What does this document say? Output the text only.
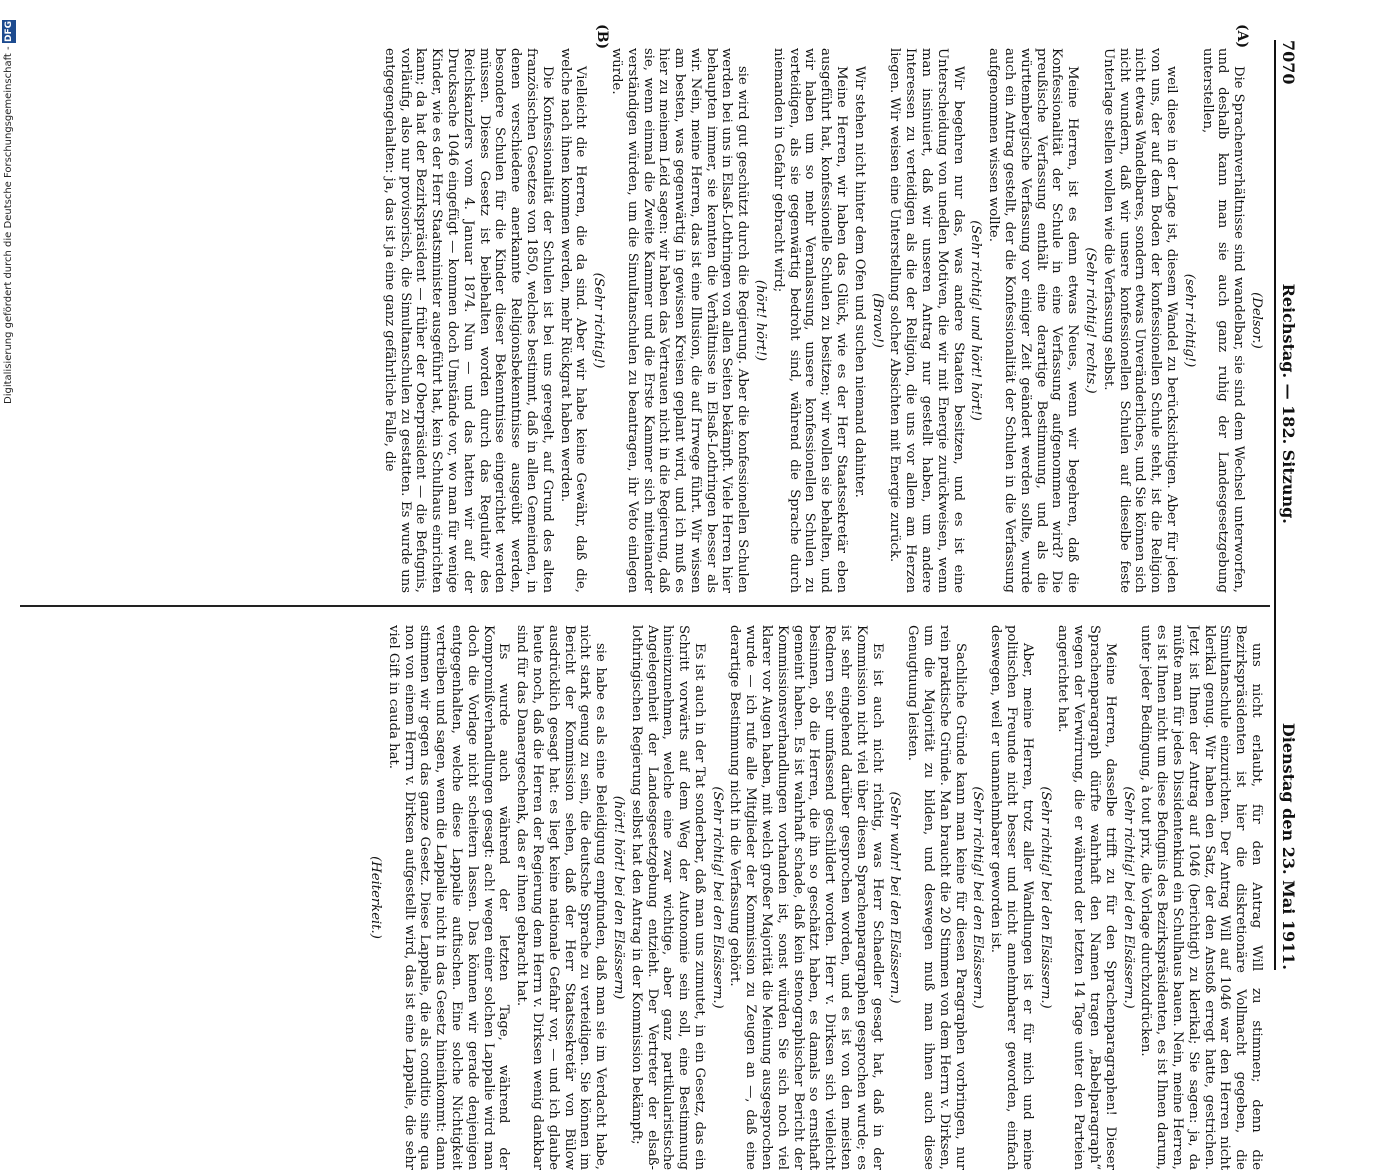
7070
Reichstag. — 182. Sitzung.
Dienstag den 23. Mai 1911.

(Delsor.)

Die Sprachenverhältnisse sind wandelbar, sie sind dem Wechsel unterworfen, und deshalb kann man sie auch ganz ruhig der Landesgesetzgebung unterstellen,

(sehr richtig!)

weil diese in der Lage ist, diesem Wandel zu berücksichtigen. Aber für jeden von uns, der auf dem Boden der konfessionellen Schule steht, ist die Religion nicht etwas Wandelbares, sondern etwas Unveränderliches, und Sie können sich nicht wundern, daß wir unsere konfessionellen Schulen auf dieselbe feste Unterlage stellen wollen wie die Verfassung selbst.

(Sehr richtig! rechts.)

Meine Herren, ist es denn etwas Neues, wenn wir begehren, daß die Konfessionalität der Schule in eine Verfassung aufgenommen wird? Die preußische Verfassung enthält eine derartige Bestimmung, und als die württembergische Verfassung vor einiger Zeit geändert werden sollte, wurde auch ein Antrag gestellt, der die Konfessionalität der Schulen in die Verfassung aufgenommen wissen wollte.

(Sehr richtig! und hört! hört!)

Wir begehren nur das, was andere Staaten besitzen, und es ist eine Unterscheidung von unedlen Motiven, die wir mit Energie zurückweisen, wenn man insinuiert, daß wir unseren Antrag nur gestellt haben, um andere Interessen zu verteidigen als die der Religion, die uns vor allem am Herzen liegen. Wir weisen eine Unterstellung solcher Absichten mit Energie zurück.

(Bravo!)

Wir stehen nicht hinter dem Ofen und suchen niemand dahinter.

Meine Herren, wir haben das Glück, wie es der Herr Staatssekretär eben ausgeführt hat, konfessionelle Schulen zu besitzen; wir wollen sie behalten, und wir haben um so mehr Veranlassung, unsere konfessionellen Schulen zu verteidigen, als sie gegenwärtig bedroht sind, während die Sprache durch niemanden in Gefahr gebracht wird;

(hört! hört!)

sie wird gut geschützt durch die Regierung. Aber die konfessionellen Schulen werden bei uns in Elsaß-Lothringen von allen Seiten bekämpft. Viele Herren hier behaupten immer, sie kennten die Verhältnisse in Elsaß-Lothringen besser als wir. Nein, meine Herren, das ist eine Illusion, die auf Irrwege führt. Wir wissen am besten, was gegenwärtig in gewissen Kreisen geplant wird, und ich muß es hier zu meinem Leid sagen: wir haben das Vertrauen nicht in die Regierung, daß sie, wenn einmal die Zweite Kammer und die Erste Kammer sich miteinander verständigen würden, um die Simultanschulen zu beantragen, ihr Veto einlegen würde.

(Sehr richtig!)

Vielleicht die Herren, die da sind. Aber wir habe keine Gewähr, daß die, welche nach ihnen kommen werden, mehr Rückgrat haben werden.

Die Konfessionalität der Schulen ist bei uns geregelt, auf Grund des alten französischen Gesetzes von 1850, welches bestimmt, daß in allen Gemeinden, in denen verschiedene anerkannte Religionsbekenntnisse ausgeübt werden, besondere Schulen für die Kinder dieser Bekenntnisse eingerichtet werden müssen. Dieses Gesetz ist beibehalten worden durch das Regulativ des Reichskanzlers vom 4. Januar 1874. Nun — und das hatten wir auf der Drucksache 1046 eingefügt — kommen doch Umstände vor, wo man für wenige Kinder, wie es der Herr Staatsminister ausgeführt hat, kein Schulhaus einrichten kann; da hat der Bezirkspräsident — früher der Oberpräsident — die Befugnis, vorläufig, also nur provisorisch, die Simultanschulen zu gestatten. Es wurde uns entgegengehalten: ja, das ist ja eine ganz gefährliche Falle, die

uns nicht erlaubt, für den Antrag Will zu stimmen; denn die Bezirkspräsidenten ist hier die diskretionäre Vollmacht gegeben, die Simultanschule einzurichten. Der Antrag Will auf 1046 war den Herren nicht klerikal genug. Wir haben den Satz, der den Anstoß erregt hatte, gestrichen. Jetzt ist Ihnen der Antrag auf 1046 (berichtigt) zu klerikal; Sie sagen: ja, da müßte man für jedes Dissidentenkind ein Schulhaus bauen. Nein, meine Herren, es ist Ihnen nicht um diese Befugnis des Bezirkspräsidenten, es ist Ihnen darum, unter jeder Bedingung, à tout prix, die Vorlage durchzudrücken.

(Sehr richtig! bei den Elsässern.)

Meine Herren, dasselbe trifft zu für den Sprachenparagraphen! Dieser Sprachenparagraph dürfte wahrhaft den Namen tragen „Babelparagraph“ wegen der Verwirrung, die er während der letzten 14 Tage unter den Parteien angerichtet hat.

(Sehr richtig! bei den Elsässern.)

Aber, meine Herren, trotz aller Wandlungen ist er für mich und meine politischen Freunde nicht besser und nicht annehmbarer geworden, einfach deswegen, weil er unannehmbarer geworden ist.

(Sehr richtig! bei den Elsässern.)

Sachliche Gründe kann man keine für diesen Paragraphen vorbringen, nur rein praktische Gründe. Man braucht die 20 Stimmen von dem Herrn v. Dirksen, um die Majorität zu bilden, und deswegen muß man ihnen auch diese Genugtuung leisten.

(Sehr wahr! bei den Elsässern.)

Es ist auch nicht richtig, was Herr Schaedler gesagt hat, daß in der Kommission nicht viel über diesen Sprachenparagraphen gesprochen wurde; es ist sehr eingehend darüber gesprochen worden, und es ist von den meisten Rednern sehr umfassend geschildert worden. Herr v. Dirksen sich vielleicht besinnen, ob die Herren, die ihn so geschätzt haben, es damals so ernsthaft gemeint haben. Es ist wahrhaft schade, daß kein stenographischer Bericht der Kommissionsverhandlungen vorhanden ist, sonst würden Sie sich noch viel klarer vor Augen haben, mit welch großer Majorität die Meinung ausgesprochen wurde — ich rufe alle Mitglieder der Kommission zu Zeugen an —, daß eine derartige Bestimmung nicht in die Verfassung gehört.

(Sehr richtig! bei den Elsässern.)

Es ist auch in der Tat sonderbar, daß man uns zumutet, in ein Gesetz, das ein Schritt vorwärts auf dem Weg der Autonomie sein soll, eine Bestimmung hineinzunehmen, welche eine zwar wichtige, aber ganz partikularistische Angelegenheit der Landesgesetzgebung entzieht. Der Vertreter der elsaß-lothringischen Regierung selbst hat den Antrag in der Kommission bekämpft;

(hört! hört! bei den Elsässern)

sie habe es als eine Beleidigung empfunden, daß man sie im Verdacht habe, nicht stark genug zu sein, die deutsche Sprache zu verteidigen. Sie können im Bericht der Kommission sehen, daß der Herr Staatssekretär von Bülow ausdrücklich gesagt hat: es liegt keine nationale Gefahr vor, — und ich glaube heute noch, daß die Herren der Regierung dem Herrn v. Dirksen wenig dankbar sind für das Danaergeschenk, das er ihnen gebracht hat.

Es wurde auch während der letzten Tage, während der Kompromißverhandlungen gesagt: ach! wegen einer solchen Lappalie wird man doch die Vorlage nicht scheitern lassen. Das können wir gerade denjenigen entgegenhalten, welche diese Lappalie auftischen. Eine solche Nichtigkeit vertreiben und sagen, wenn die Lappalie nicht in das Gesetz hineinkommt: dann stimmen wir gegen das ganze Gesetz. Diese Lappalie, die als conditio sine qua non von einem Herrn v. Dirksen aufgestellt wird, das ist eine Lappalie, die sehr viel Gift in cauda hat.

(Heiterkeit.)

(A)
(B)
Digitalisierung gefördert durch die Deutsche Forschungsgemeinschaft - DFG
